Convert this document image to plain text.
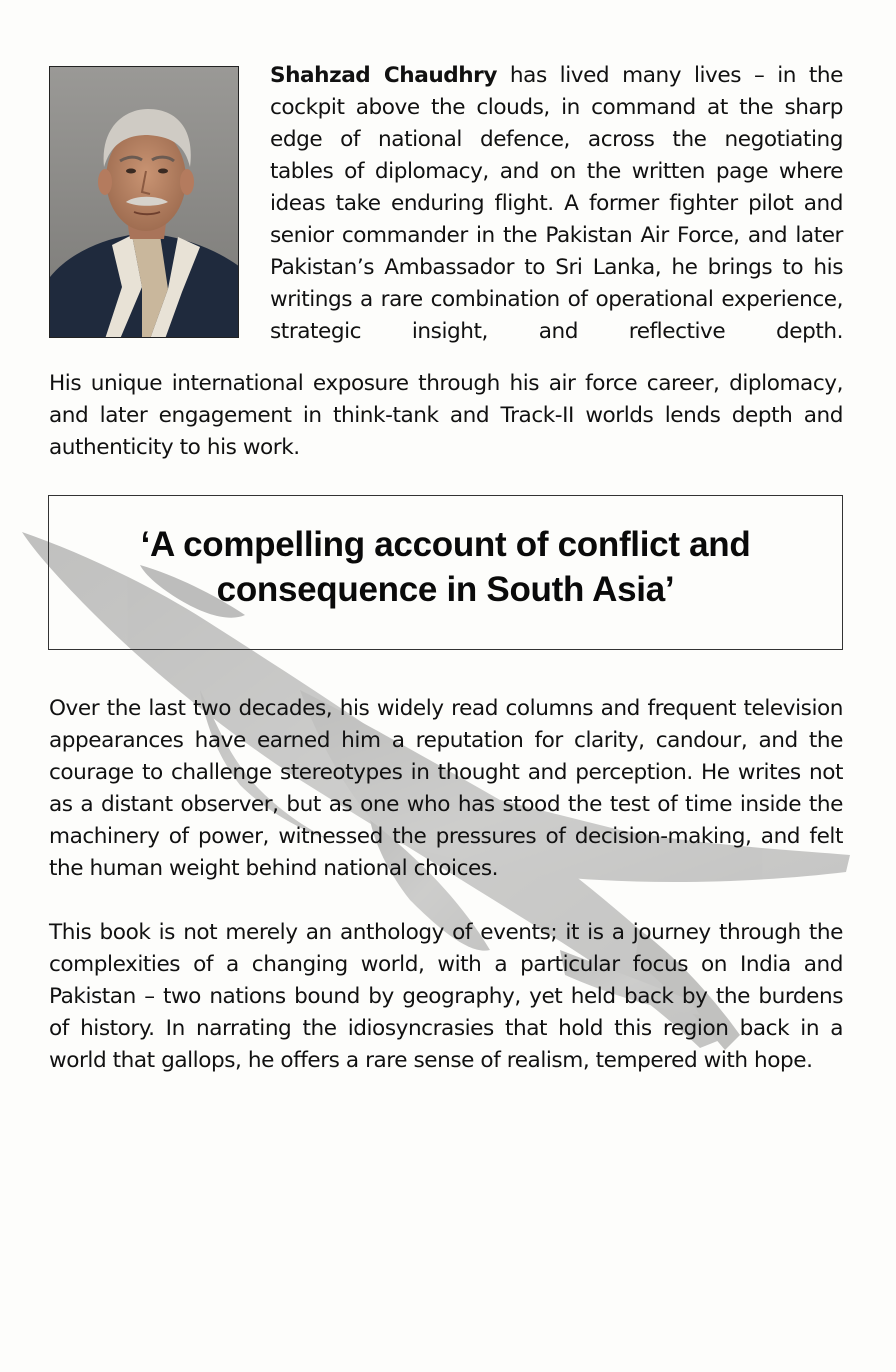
Shahzad Chaudhry has lived many lives – in the cockpit above the clouds, in command at the sharp edge of national defence, across the negotiating tables of diplomacy, and on the written page where ideas take enduring flight. A former fighter pilot and senior commander in the Pakistan Air Force, and later Pakistan’s Ambassador to Sri Lanka, he brings to his writings a rare combination of operational experience, strategic insight, and reflective depth.

His unique international exposure through his air force career, diplomacy, and later engagement in think-tank and Track-II worlds lends depth and authenticity to his work.

‘A compelling account of conflict and consequence in South Asia’

Over the last two decades, his widely read columns and frequent television appearances have earned him a reputation for clarity, candour, and the courage to challenge stereotypes in thought and perception. He writes not as a distant observer, but as one who has stood the test of time inside the machinery of power, witnessed the pressures of decision-making, and felt the human weight behind national choices.

This book is not merely an anthology of events; it is a journey through the complexities of a changing world, with a particular focus on India and Pakistan – two nations bound by geography, yet held back by the burdens of history. In narrating the idiosyncrasies that hold this region back in a world that gallops, he offers a rare sense of realism, tempered with hope.
